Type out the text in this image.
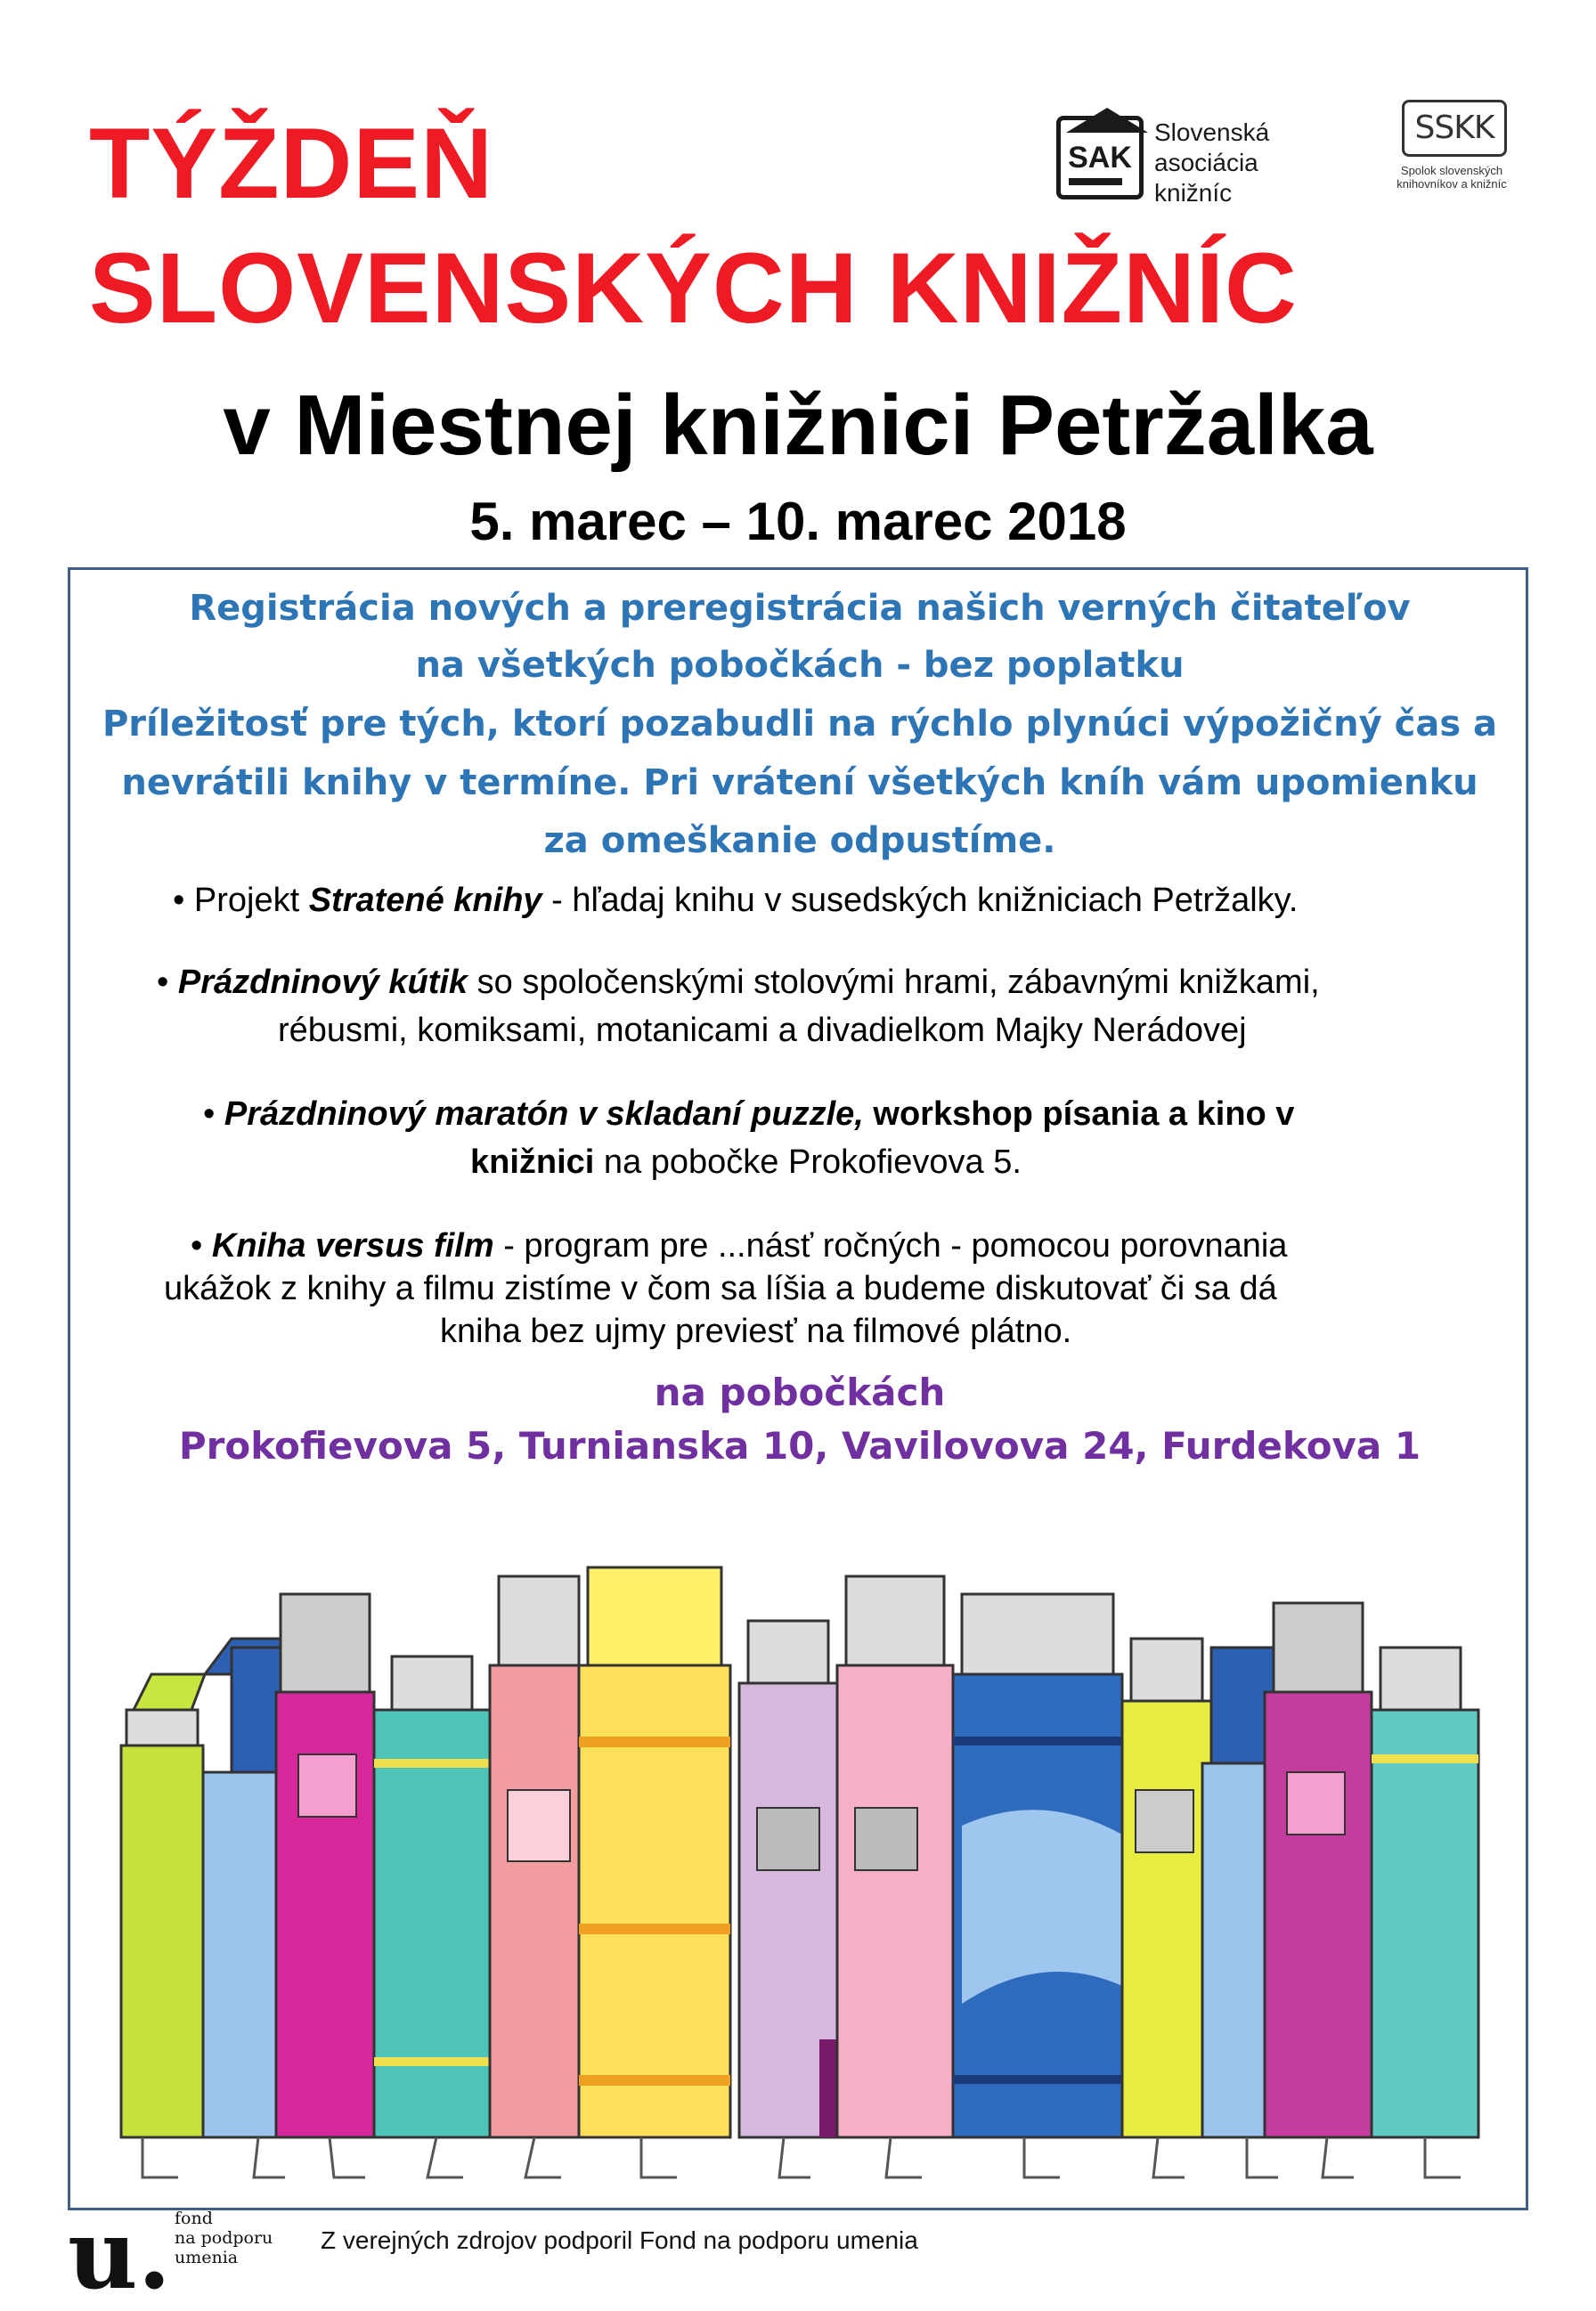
TÝŽDEŇ
SLOVENSKÝCH KNIŽNÍC
v Miestnej knižnici Petržalka
5. marec – 10. marec 2018
SAK
Slovenská
asociácia
knižníc
SSKK
Spolok slovenských
knihovníkov a knižníc
Registrácia nových a preregistrácia našich verných čitateľov
na všetkých pobočkách - bez poplatku
Príležitosť pre tých, ktorí pozabudli na rýchlo plynúci výpožičný čas a
nevrátili knihy v termíne. Pri vrátení všetkých kníh vám upomienku
za omeškanie odpustíme.
• Projekt Stratené knihy - hľadaj knihu v susedských knižniciach Petržalky.
• Prázdninový kútik so spoločenskými stolovými hrami, zábavnými knižkami,
rébusmi, komiksami, motanicami a divadielkom Majky Nerádovej
• Prázdninový maratón v skladaní puzzle, workshop písania a kino v
knižnici na pobočke Prokofievova 5.
• Kniha versus film - program pre ...násť ročných - pomocou porovnania
ukážok z knihy a filmu zistíme v čom sa líšia a budeme diskutovať či sa dá
kniha bez ujmy previesť na filmové plátno.
na pobočkách
Prokofievova 5, Turnianska 10, Vavilovova 24, Furdekova 1
u. fond
na podporu
umenia
Z verejných zdrojov podporil Fond na podporu umenia
